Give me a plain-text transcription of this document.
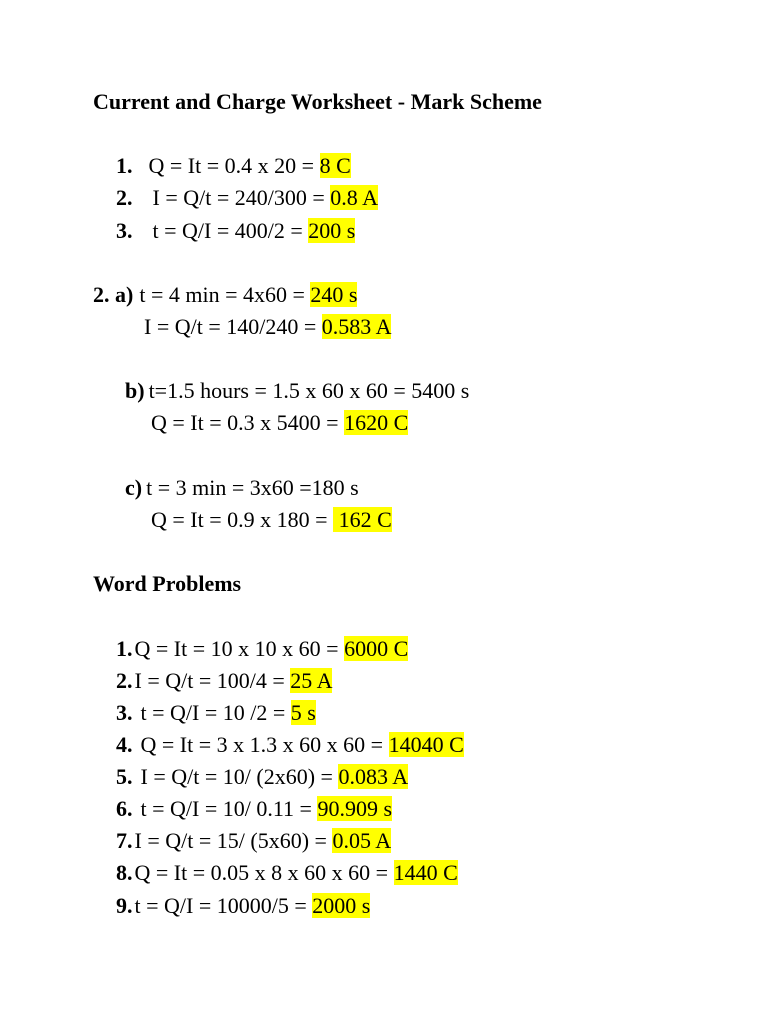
Current and Charge Worksheet - Mark Scheme
1. Q = It = 0.4 x 20 = 8 C
2. I = Q/t = 240/300 = 0.8 A
3. t = Q/I = 400/2 = 200 s
2. a) t = 4 min = 4x60 = 240 s
I = Q/t = 140/240 = 0.583 A
b) t=1.5 hours = 1.5 x 60 x 60 = 5400 s
Q = It = 0.3 x 5400 = 1620 C
c) t = 3 min = 3x60 =180 s
Q = It = 0.9 x 180 =  162 C
Word Problems
1.Q = It = 10 x 10 x 60 = 6000 C
2.I = Q/t = 100/4 = 25 A
3. t = Q/I = 10 /2 = 5 s
4. Q = It = 3 x 1.3 x 60 x 60 = 14040 C
5. I = Q/t = 10/ (2x60) = 0.083 A
6. t = Q/I = 10/ 0.11 = 90.909 s
7.I = Q/t = 15/ (5x60) = 0.05 A
8.Q = It = 0.05 x 8 x 60 x 60 = 1440 C
9.t = Q/I = 10000/5 = 2000 s
